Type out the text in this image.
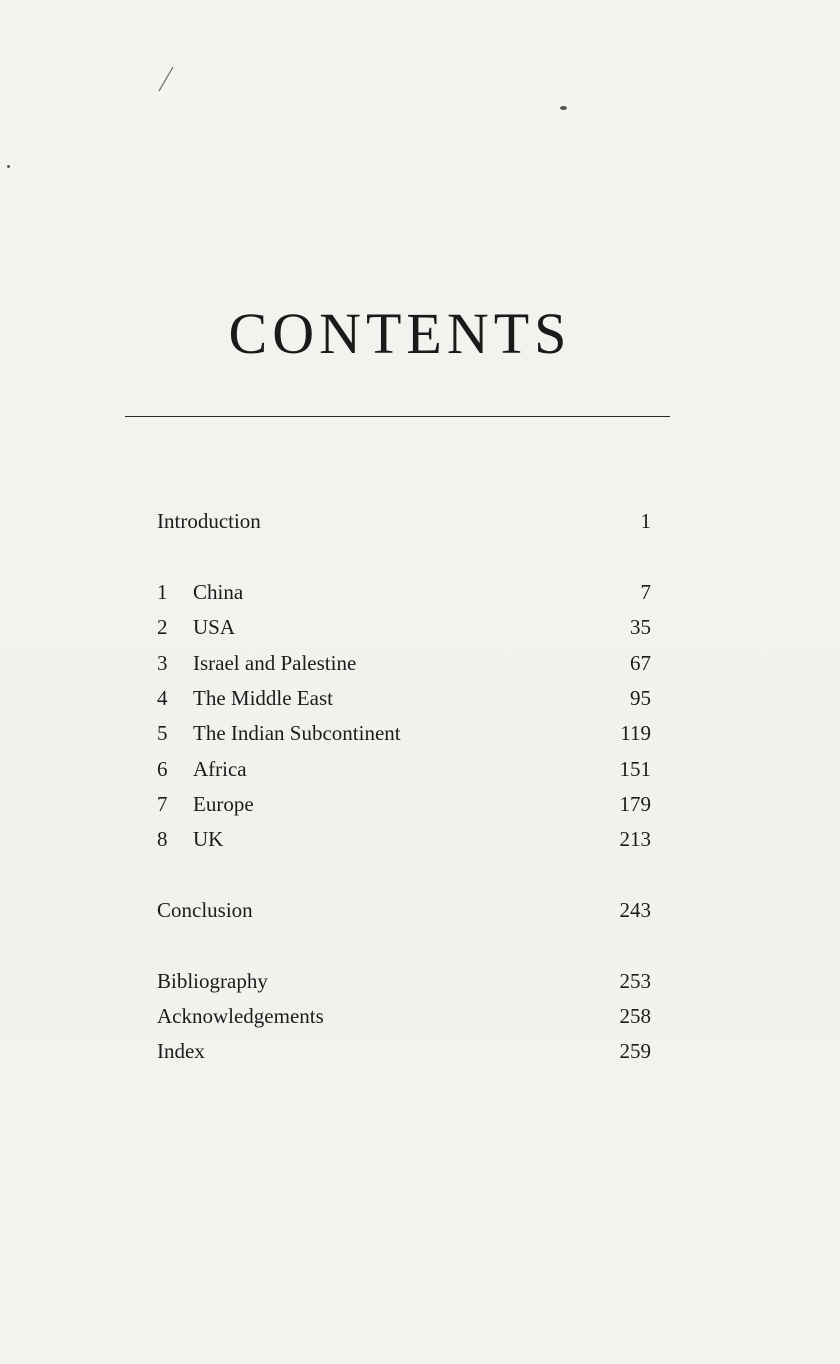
CONTENTS
Introduction	1
1	China	7
2	USA	35
3	Israel and Palestine	67
4	The Middle East	95
5	The Indian Subcontinent	119
6	Africa	151
7	Europe	179
8	UK	213
Conclusion	243
Bibliography	253
Acknowledgements	258
Index	259
